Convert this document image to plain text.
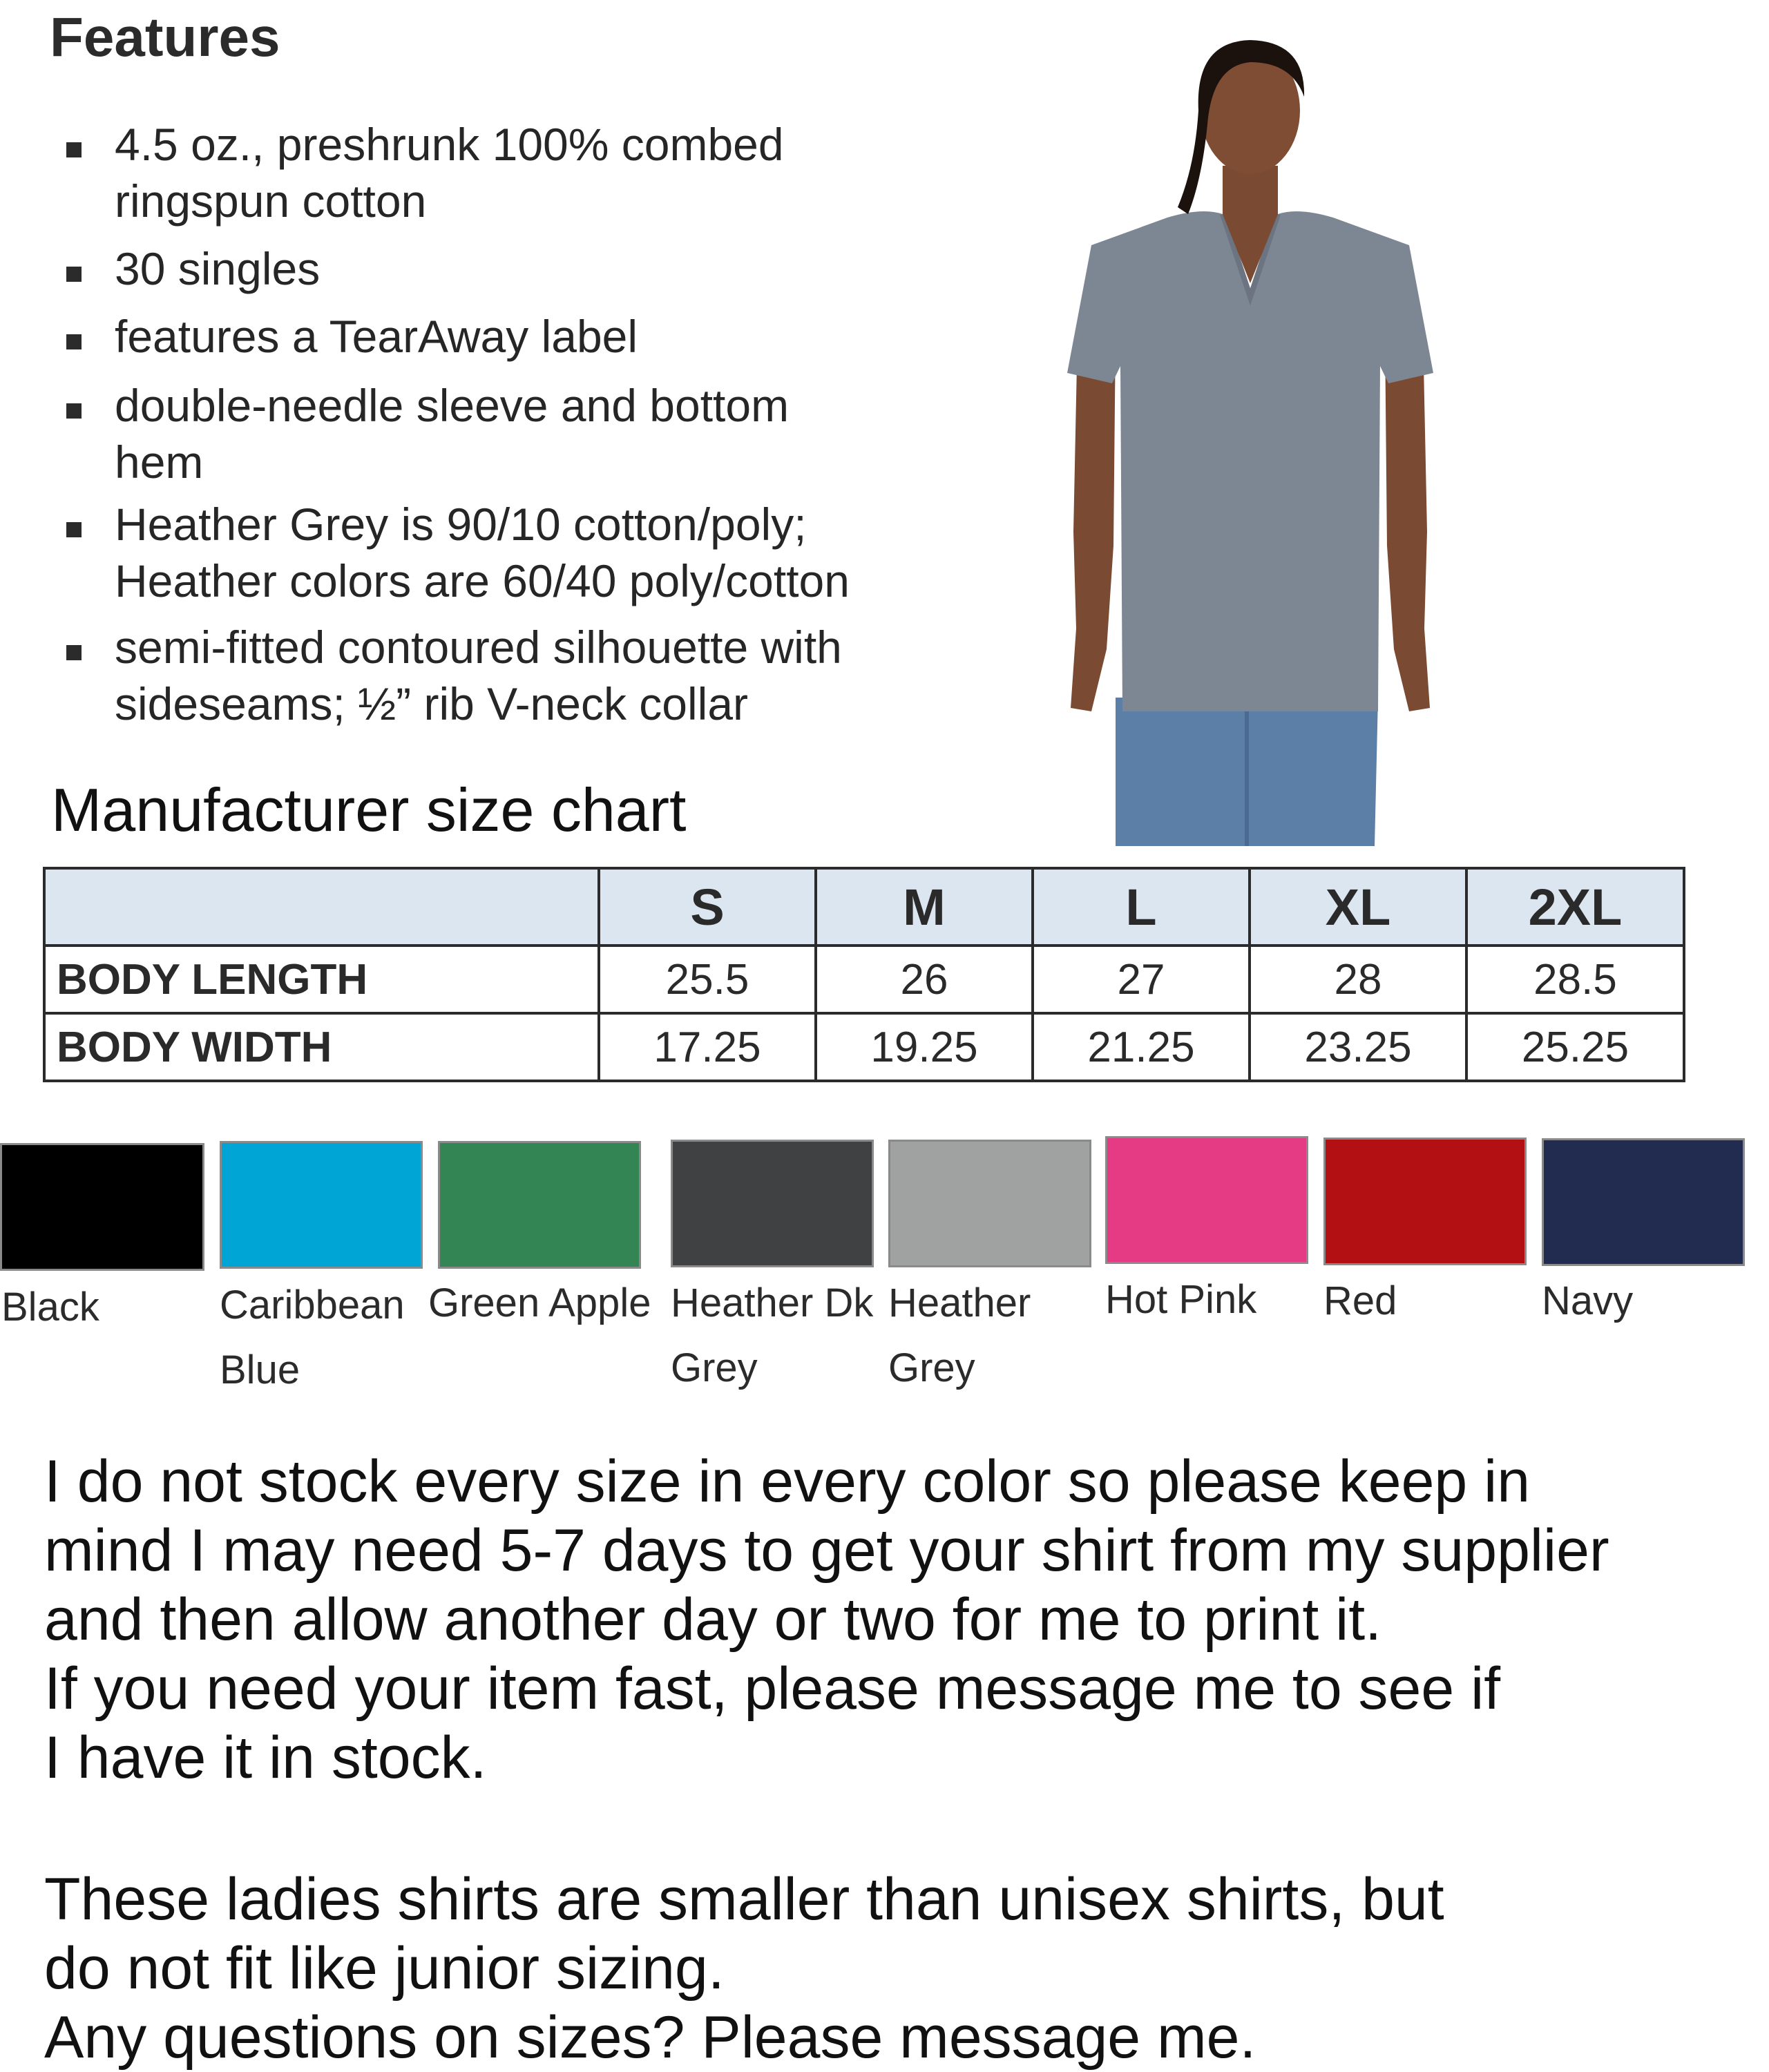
Features
4.5 oz., preshrunk 100% combed
ringspun cotton
30 singles
features a TearAway label
double-needle sleeve and bottom
hem
Heather Grey is 90/10 cotton/poly;
Heather colors are 60/40 poly/cotton
semi-fitted contoured silhouette with
sideseams; ½” rib V-neck collar
Manufacturer size chart
	S	M	L	XL	2XL
BODY LENGTH	25.5	26	27	28	28.5
BODY WIDTH	17.25	19.25	21.25	23.25	25.25
Black	Caribbean
Blue
Green Apple Heather Dk
Grey
Heather
Grey
Hot Pink Red	Navy
I do not stock every size in every color so please keep in
mind I may need 5-7 days to get your shirt from my supplier
and then allow another day or two for me to print it.
If you need your item fast, please message me to see if
I have it in stock.
These ladies shirts are smaller than unisex shirts, but
do not fit like junior sizing.
Any questions on sizes? Please message me.
